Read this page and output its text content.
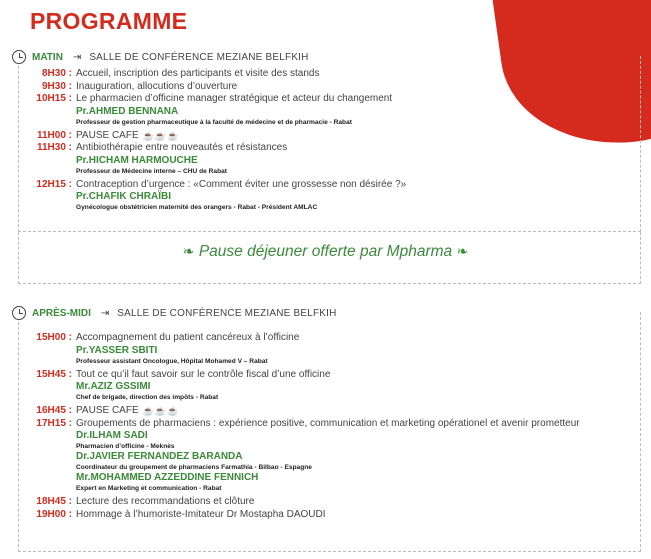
PROGRAMME
MATIN ⇥ SALLE DE CONFÉRENCE MEZIANE BELFKIH
8H30 : Accueil, inscription des participants et visite des stands
9H30 : Inauguration, allocutions d’ouverture
10H15 : Le pharmacien d’officine manager stratégique et acteur du changement
Pr.AHMED BENNANA
Professeur de gestion pharmaceutique à la faculté de médecine et de pharmacie - Rabat
11H00 : PAUSE CAFE ☕☕☕
11H30 : Antibiothérapie entre nouveautés et résistances
Pr.HICHAM HARMOUCHE
Professeur de Médecine interne – CHU de Rabat
12H15 : Contraception d’urgence : «Comment éviter une grossesse non désirée ?»
Pr.CHAFIK CHRAÏBI
Gynécologue obstétricien maternité des orangers - Rabat - Président AMLAC
❧ Pause déjeuner offerte par Mpharma ❧
APRÈS-MIDI ⇥ SALLE DE CONFÉRENCE MEZIANE BELFKIH
15H00 : Accompagnement du patient cancéreux à l’officine
Pr.YASSER SBITI
Professeur assistant Oncologue, Hôpital Mohamed V – Rabat
15H45 : Tout ce qu’il faut savoir sur le contrôle fiscal d’une officine
Mr.AZIZ GSSIMI
Chef de brigade, direction des impôts - Rabat
16H45 : PAUSE CAFE ☕☕☕
17H15 : Groupements de pharmaciens : expérience positive, communication et marketing opérationel et avenir prometteur
Dr.ILHAM SADI
Pharmacien d’officine - Meknès
Dr.JAVIER FERNANDEZ BARANDA
Coordinateur du groupement de pharmaciens Farmathia - Bilbao - Espagne
Mr.MOHAMMED AZZEDDINE FENNICH
Expert en Marketing et communication - Rabat
18H45 : Lecture des recommandations et clôture
19H00 : Hommage à l’humoriste-Imitateur Dr Mostapha DAOUDI
